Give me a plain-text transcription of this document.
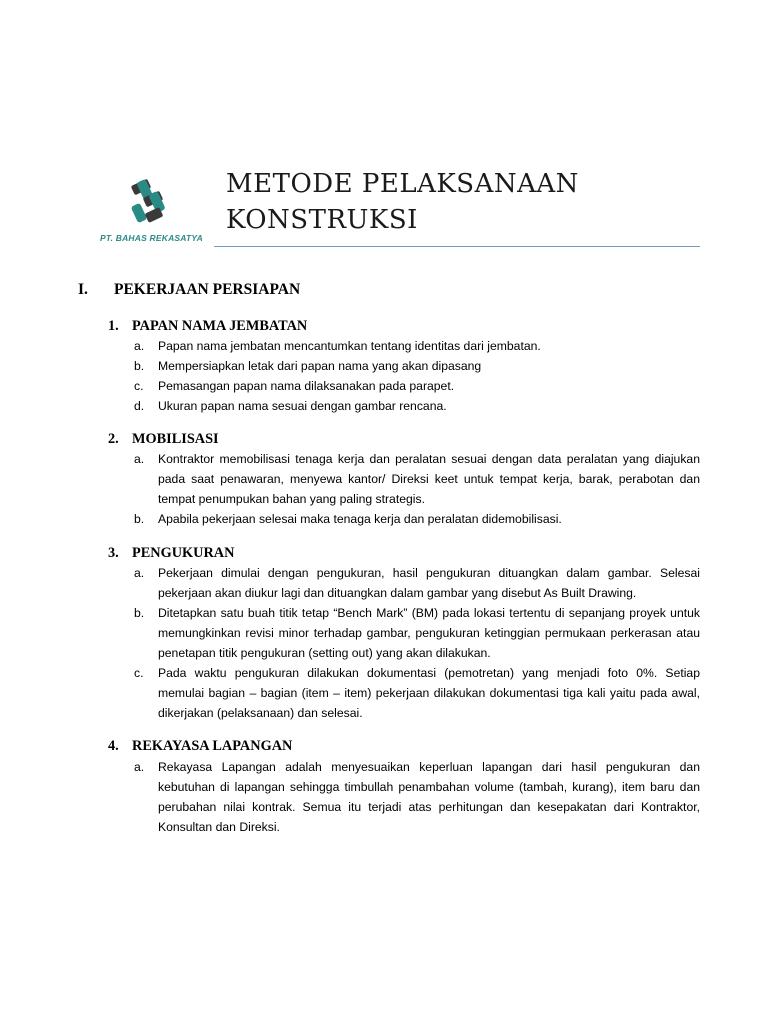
PT. BAHAS REKASATYA
METODE PELAKSANAAN
KONSTRUKSI
I.	PEKERJAAN PERSIAPAN
1. PAPAN NAMA JEMBATAN
a.	Papan nama jembatan mencantumkan tentang identitas dari jembatan.
b.	Mempersiapkan letak dari papan nama yang akan dipasang
c.	Pemasangan papan nama dilaksanakan pada parapet.
d.	Ukuran papan nama sesuai dengan gambar rencana.
2. MOBILISASI
a.	Kontraktor memobilisasi tenaga kerja dan peralatan sesuai dengan data peralatan yang diajukan pada saat penawaran, menyewa kantor/ Direksi keet untuk tempat kerja, barak, perabotan dan tempat penumpukan bahan yang paling strategis.
b.	Apabila pekerjaan selesai maka tenaga kerja dan peralatan didemobilisasi.
3. PENGUKURAN
a.	Pekerjaan dimulai dengan pengukuran, hasil pengukuran dituangkan dalam gambar. Selesai pekerjaan akan diukur lagi dan dituangkan dalam gambar yang disebut As Built Drawing.
b.	Ditetapkan satu buah titik tetap “Bench Mark” (BM) pada lokasi tertentu di sepanjang proyek untuk memungkinkan revisi minor terhadap gambar, pengukuran ketinggian permukaan perkerasan atau penetapan titik pengukuran (setting out) yang akan dilakukan.
c.	Pada waktu pengukuran dilakukan dokumentasi (pemotretan) yang menjadi foto 0%. Setiap memulai bagian – bagian (item – item) pekerjaan dilakukan dokumentasi tiga kali yaitu pada awal, dikerjakan (pelaksanaan) dan selesai.
4. REKAYASA LAPANGAN
a.	Rekayasa Lapangan adalah menyesuaikan keperluan lapangan dari hasil pengukuran dan kebutuhan di lapangan sehingga timbullah penambahan volume (tambah, kurang), item baru dan perubahan nilai kontrak. Semua itu terjadi atas perhitungan dan kesepakatan dari Kontraktor, Konsultan dan Direksi.
